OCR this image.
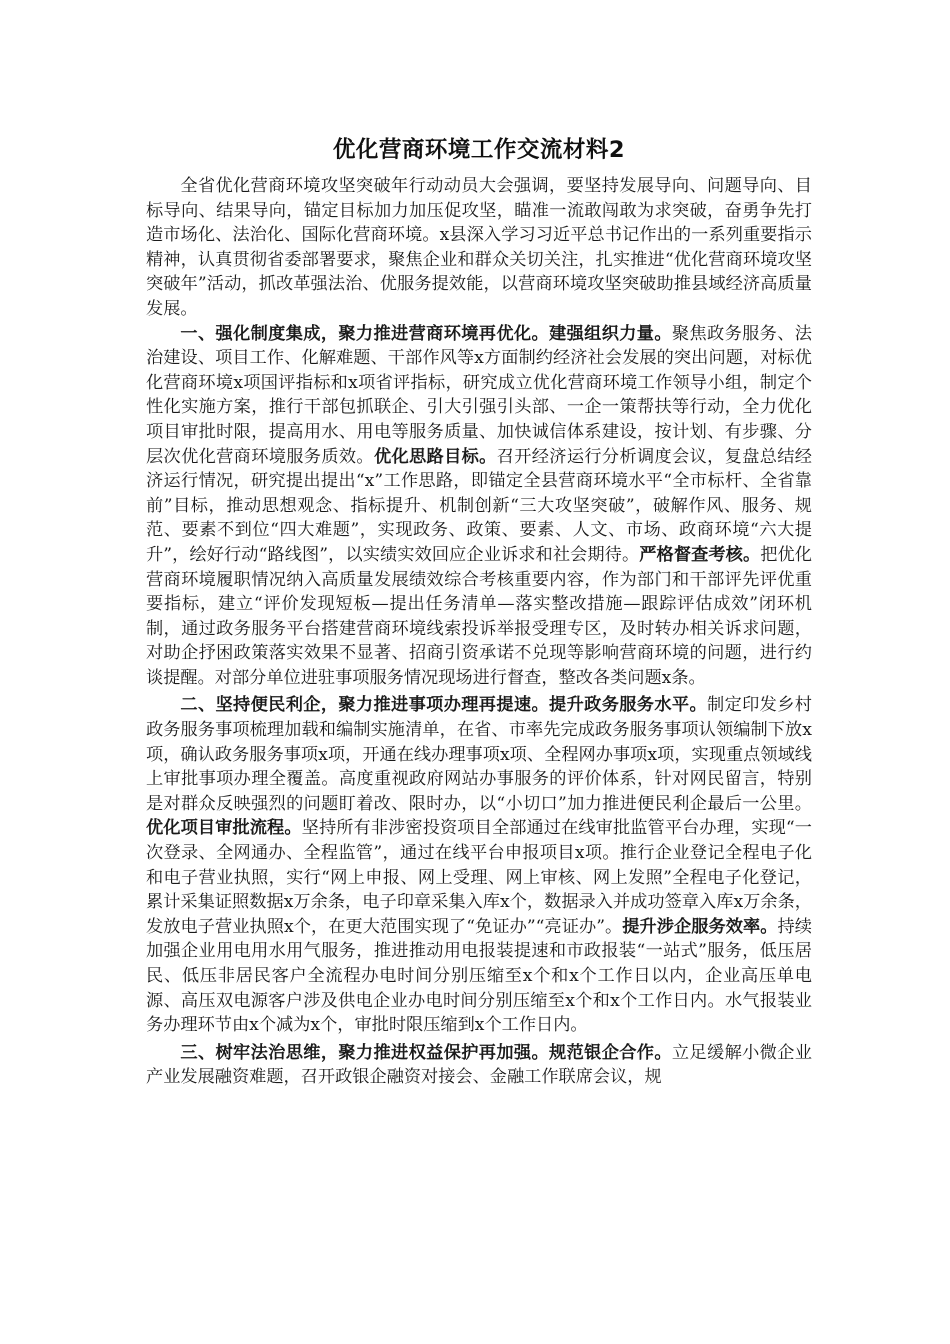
优化营商环境工作交流材料2

全省优化营商环境攻坚突破年行动动员大会强调，要坚持发展导向、问题导向、目标导向、结果导向，锚定目标加力加压促攻坚，瞄准一流敢闯敢为求突破，奋勇争先打造市场化、法治化、国际化营商环境。x县深入学习习近平总书记作出的一系列重要指示精神，认真贯彻省委部署要求，聚焦企业和群众关切关注，扎实推进“优化营商环境攻坚突破年”活动，抓改革强法治、优服务提效能，以营商环境攻坚突破助推县域经济高质量发展。

一、强化制度集成，聚力推进营商环境再优化。建强组织力量。聚焦政务服务、法治建设、项目工作、化解难题、干部作风等x方面制约经济社会发展的突出问题，对标优化营商环境x项国评指标和x项省评指标，研究成立优化营商环境工作领导小组，制定个性化实施方案，推行干部包抓联企、引大引强引头部、一企一策帮扶等行动，全力优化项目审批时限，提高用水、用电等服务质量、加快诚信体系建设，按计划、有步骤、分层次优化营商环境服务质效。优化思路目标。召开经济运行分析调度会议，复盘总结经济运行情况，研究提出提出“x”工作思路，即锚定全县营商环境水平“全市标杆、全省靠前”目标，推动思想观念、指标提升、机制创新“三大攻坚突破”，破解作风、服务、规范、要素不到位“四大难题”，实现政务、政策、要素、人文、市场、政商环境“六大提升”，绘好行动“路线图”，以实绩实效回应企业诉求和社会期待。严格督查考核。把优化营商环境履职情况纳入高质量发展绩效综合考核重要内容，作为部门和干部评先评优重要指标，建立“评价发现短板—提出任务清单—落实整改措施—跟踪评估成效”闭环机制，通过政务服务平台搭建营商环境线索投诉举报受理专区，及时转办相关诉求问题，对助企抒困政策落实效果不显著、招商引资承诺不兑现等影响营商环境的问题，进行约谈提醒。对部分单位进驻事项服务情况现场进行督查，整改各类问题x条。

二、坚持便民利企，聚力推进事项办理再提速。提升政务服务水平。制定印发乡村政务服务事项梳理加载和编制实施清单，在省、市率先完成政务服务事项认领编制下放x项，确认政务服务事项x项，开通在线办理事项x项、全程网办事项x项，实现重点领域线上审批事项办理全覆盖。高度重视政府网站办事服务的评价体系，针对网民留言，特别是对群众反映强烈的问题盯着改、限时办，以“小切口”加力推进便民利企最后一公里。优化项目审批流程。坚持所有非涉密投资项目全部通过在线审批监管平台办理，实现“一次登录、全网通办、全程监管”，通过在线平台申报项目x项。推行企业登记全程电子化和电子营业执照，实行“网上申报、网上受理、网上审核、网上发照”全程电子化登记，累计采集证照数据x万余条，电子印章采集入库x个，数据录入并成功签章入库x万余条，发放电子营业执照x个，在更大范围实现了“免证办”“亮证办”。提升涉企服务效率。持续加强企业用电用水用气服务，推进推动用电报装提速和市政报装“一站式”服务，低压居民、低压非居民客户全流程办电时间分别压缩至x个和x个工作日以内，企业高压单电源、高压双电源客户涉及供电企业办电时间分别压缩至x个和x个工作日内。水气报装业务办理环节由x个减为x个，审批时限压缩到x个工作日内。

三、树牢法治思维，聚力推进权益保护再加强。规范银企合作。立足缓解小微企业产业发展融资难题，召开政银企融资对接会、金融工作联席会议，规
